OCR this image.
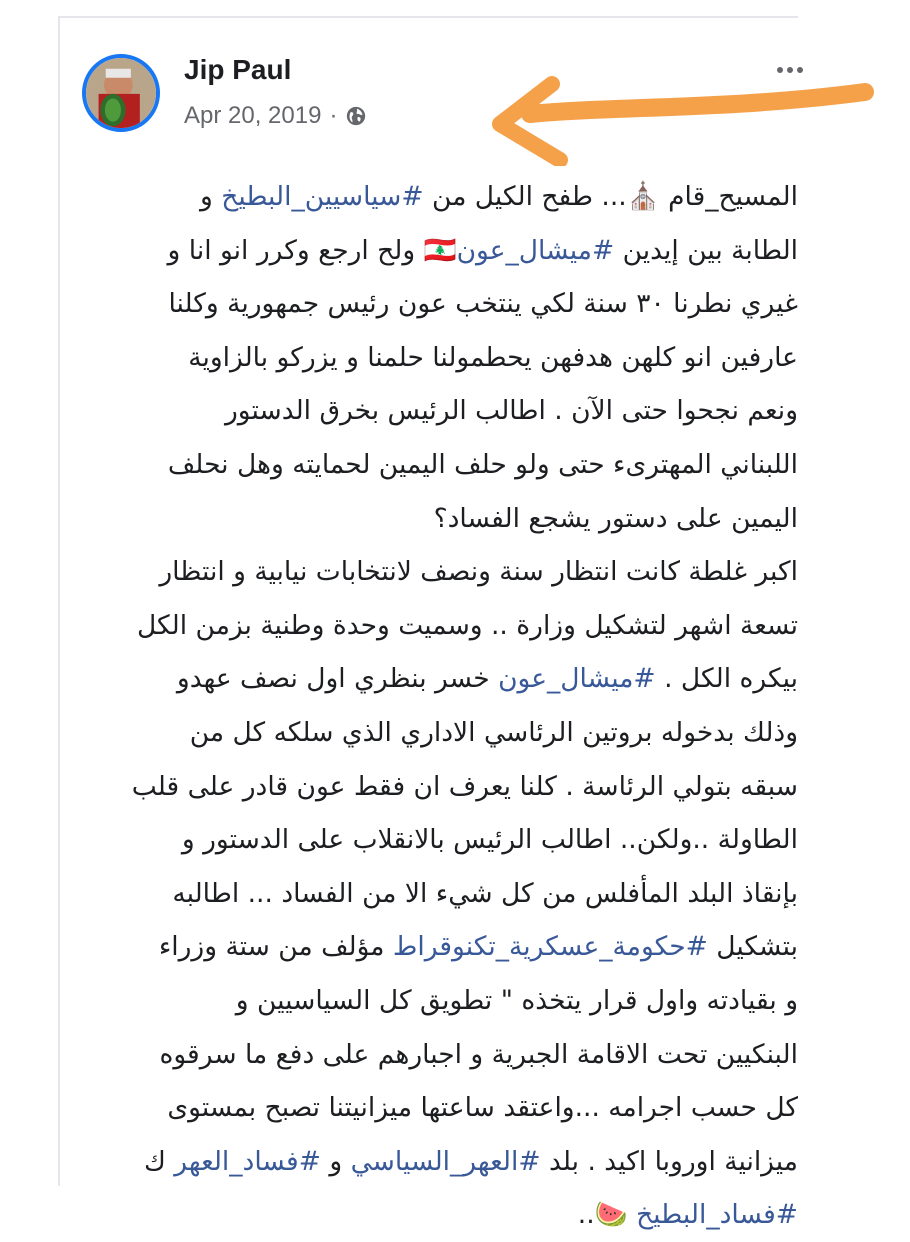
Jip Paul
Apr 20, 2019 ·
المسيح_قام ⛪... طفح الكيل من #سياسيين_البطيخ و
الطابة بين إيدين #ميشال_عون🇱🇧 ولح ارجع وكرر انو انا و
غيري نطرنا ٣٠ سنة لكي ينتخب عون رئيس جمهورية وكلنا
عارفين انو كلهن هدفهن يحطمولنا حلمنا و يزركو بالزاوية
ونعم نجحوا حتى الآن . اطالب الرئيس بخرق الدستور
اللبناني المهترىء حتى ولو حلف اليمين لحمايته وهل نحلف
اليمين على دستور يشجع الفساد؟
اكبر غلطة كانت انتظار سنة ونصف لانتخابات نيابية و انتظار
تسعة اشهر لتشكيل وزارة .. وسميت وحدة وطنية بزمن الكل
بيكره الكل . #ميشال_عون خسر بنظري اول نصف عهدو
وذلك بدخوله بروتين الرئاسي الاداري الذي سلكه كل من
سبقه بتولي الرئاسة . كلنا يعرف ان فقط عون قادر على قلب
الطاولة ..ولكن.. اطالب الرئيس بالانقلاب على الدستور و
بإنقاذ البلد المأفلس من كل شيء الا من الفساد ... اطالبه
بتشكيل #حكومة_عسكرية_تكنوقراط مؤلف من ستة وزراء
و بقيادته واول قرار يتخذه " تطويق كل السياسيين و
البنكيين تحت الاقامة الجبرية و اجبارهم على دفع ما سرقوه
كل حسب اجرامه ...واعتقد ساعتها ميزانيتنا تصبح بمستوى
ميزانية اوروبا اكيد . بلد #العهر_السياسي و #فساد_العهر ك
#فساد_البطيخ 🍉..
